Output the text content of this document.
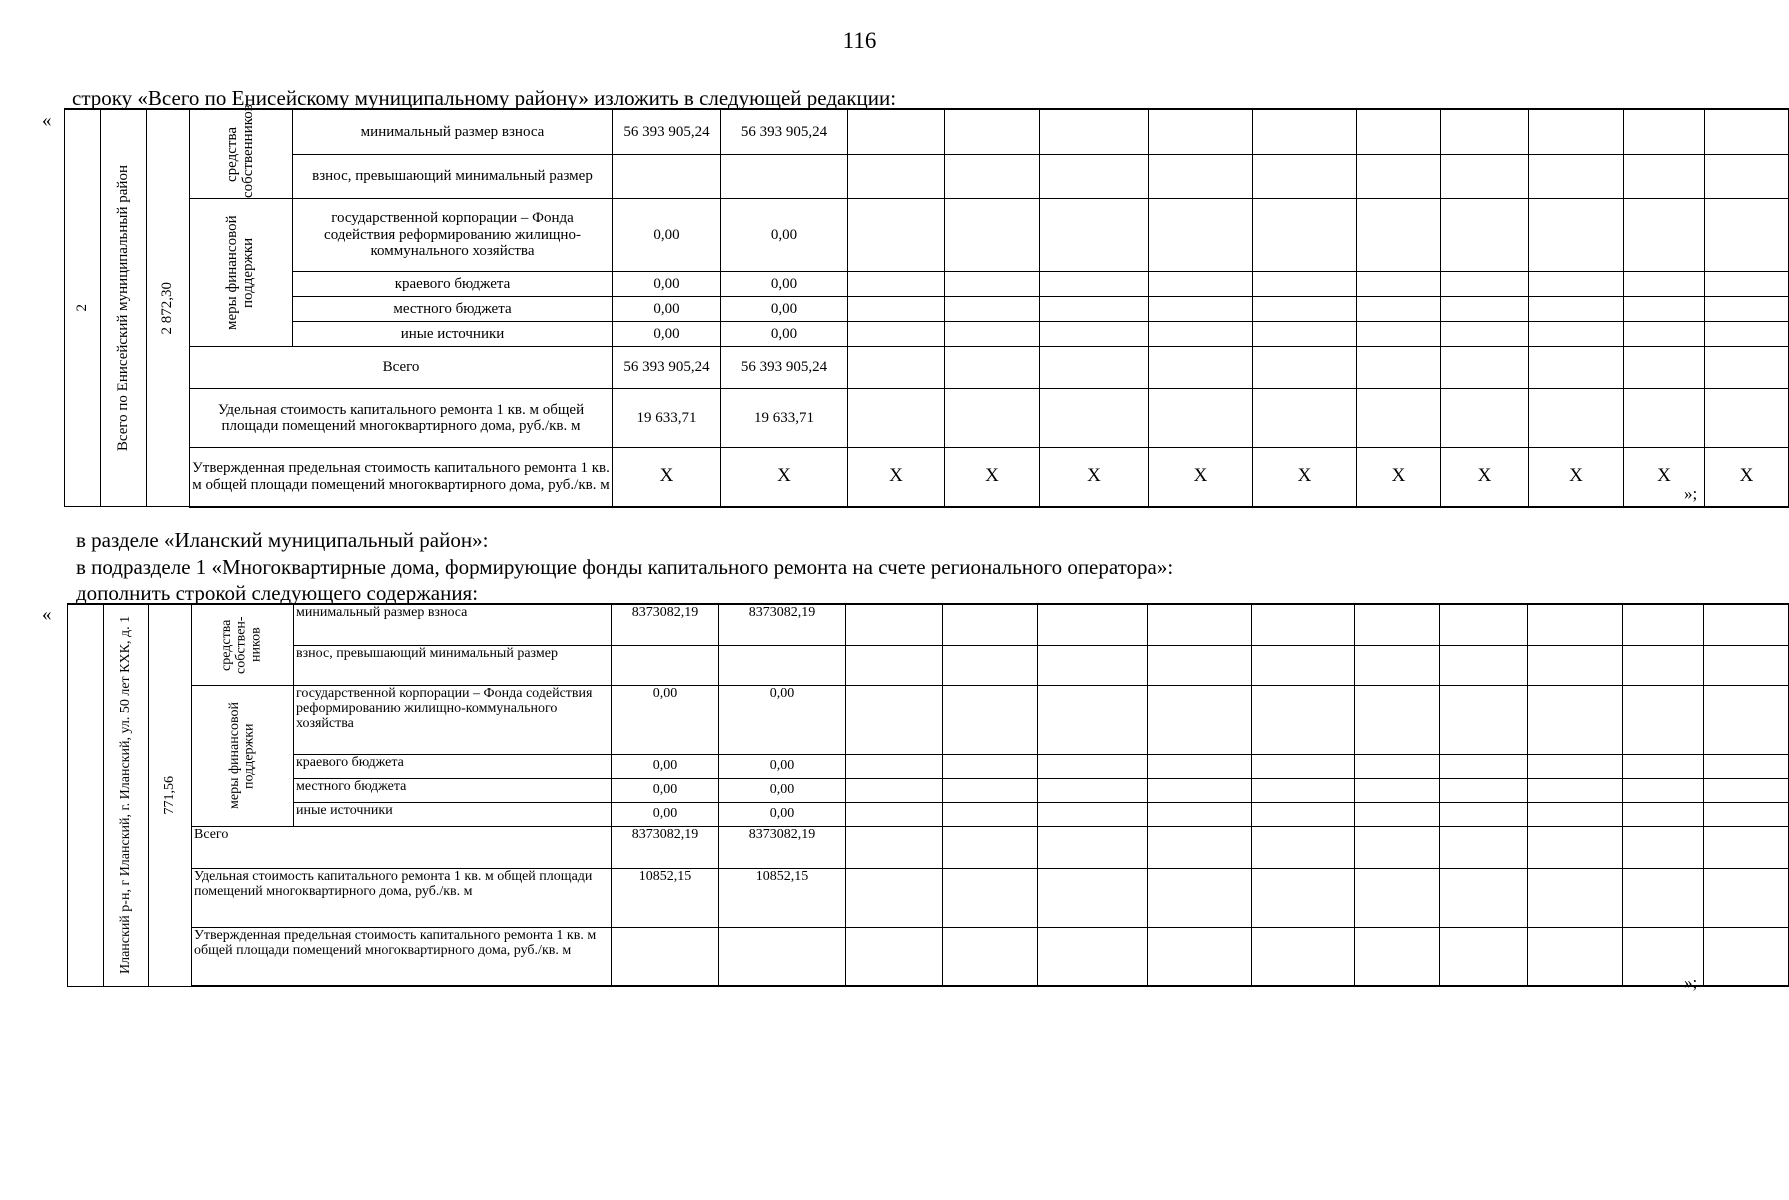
116
строку «Всего по Енисейскому муниципальному району» изложить в следующей редакции:
«
»;
2	Всего по Енисейский муниципальный район	2 872,30	средства собственников	минимальный размер взноса	56 393 905,24	56 393 905,24										
				взнос, превышающий минимальный размер												

			меры финансовой поддержки	государственной корпорации – Фонда содействия реформированию жилищно-коммунального хозяйства	0,00	0,00										
				краевого бюджета	0,00	0,00										
				местного бюджета	0,00	0,00										
				иные источники	0,00	0,00										
			Всего		56 393 905,24	56 393 905,24										
			Удельная стоимость капитального ремонта 1 кв. м общей площади помещений многоквартирного дома, руб./кв. м		19 633,71	19 633,71										
			Утвержденная предельная стоимость капитального ремонта 1 кв. м общей площади помещений многоквартирного дома, руб./кв. м		Х	Х	Х	Х	Х	Х	Х	Х	Х	Х	Х	Х
в разделе «Иланский муниципальный район»:
в подразделе 1 «Многоквартирные дома, формирующие фонды капитального ремонта на счете регионального оператора»:
дополнить строкой следующего содержания:
«
»;

	Иланский р-н, г Иланский, г. Иланский, ул. 50 лет КХК, д. 1	771,56	средства собствен-ников	минимальный размер взноса	8373082,19	8373082,19										
				взнос, превышающий минимальный размер												

			меры финансовой поддержки	государственной корпорации – Фонда содействия реформированию жилищно-коммунального хозяйства	0,00	0,00										
				краевого бюджета	0,00	0,00										
				местного бюджета	0,00	0,00										
				иные источники	0,00	0,00										
			Всего		8373082,19	8373082,19										
			Удельная стоимость капитального ремонта 1 кв. м общей площади помещений многоквартирного дома, руб./кв. м		10852,15	10852,15										
			Утвержденная предельная стоимость капитального ремонта 1 кв. м общей площади помещений многоквартирного дома, руб./кв. м													
